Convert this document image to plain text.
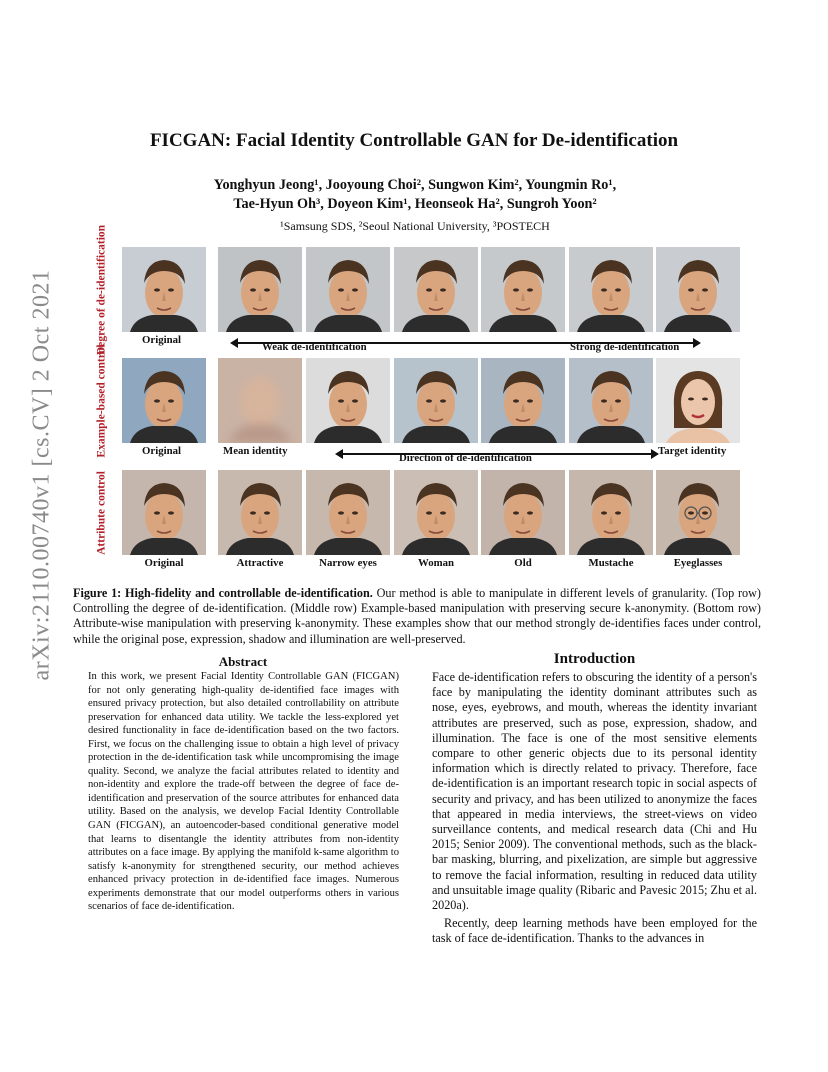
arXiv:2110.00740v1 [cs.CV] 2 Oct 2021
FICGAN: Facial Identity Controllable GAN for De-identification
Yonghyun Jeong¹, Jooyoung Choi², Sungwon Kim², Youngmin Ro¹,
Tae-Hyun Oh³, Doyeon Kim¹, Heonseok Ha², Sungroh Yoon²
¹Samsung SDS, ²Seoul National University, ³POSTECH
Degree of de-identification	Original
Weak de-identification	Strong de-identification
Example-based control	Original	Mean identity
Direction of de-identification
Target identity
Attribute control
Original	Attractive	Narrow eyes	Woman	Old	Mustache	Eyeglasses
Figure 1: High-fidelity and controllable de-identification. Our method is able to manipulate in different levels of granularity. (Top row) Controlling the degree of de-identification. (Middle row) Example-based manipulation with preserving secure k-anonymity. (Bottom row) Attribute-wise manipulation with preserving k-anonymity. These examples show that our method strongly de-identifies faces under control, while the original pose, expression, shadow and illumination are well-preserved.
Abstract
In this work, we present Facial Identity Controllable GAN (FICGAN) for not only generating high-quality de-identified face images with ensured privacy protection, but also detailed controllability on attribute preservation for enhanced data utility. We tackle the less-explored yet desired functionality in face de-identification based on the two factors. First, we focus on the challenging issue to obtain a high level of privacy protection in the de-identification task while uncompromising the image quality. Second, we analyze the facial attributes related to identity and non-identity and explore the trade-off between the degree of face de-identification and preservation of the source attributes for enhanced data utility. Based on the analysis, we develop Facial Identity Controllable GAN (FICGAN), an autoencoder-based conditional generative model that learns to disentangle the identity attributes from non-identity attributes on a face image. By applying the manifold k-same algorithm to satisfy k-anonymity for strengthened security, our method achieves enhanced privacy protection in de-identified face images. Numerous experiments demonstrate that our model outperforms others in various scenarios of face de-identification.
Introduction

Face de-identification refers to obscuring the identity of a person's face by manipulating the identity dominant attributes such as nose, eyes, eyebrows, and mouth, whereas the identity invariant attributes are preserved, such as pose, expression, shadow, and illumination. The face is one of the most sensitive elements compare to other generic objects due to its personal identity information which is directly related to privacy. Therefore, face de-identification is an important research topic in social aspects of security and privacy, and has been utilized to anonymize the faces that appeared in media interviews, the street-views on video surveillance contents, and medical research data (Chi and Hu 2015; Senior 2009). The conventional methods, such as the black-bar masking, blurring, and pixelization, are simple but aggressive to remove the facial information, resulting in reduced data utility and unsuitable image quality (Ribaric and Pavesic 2015; Zhu et al. 2020a).

Recently, deep learning methods have been employed for the task of face de-identification. Thanks to the advances in
